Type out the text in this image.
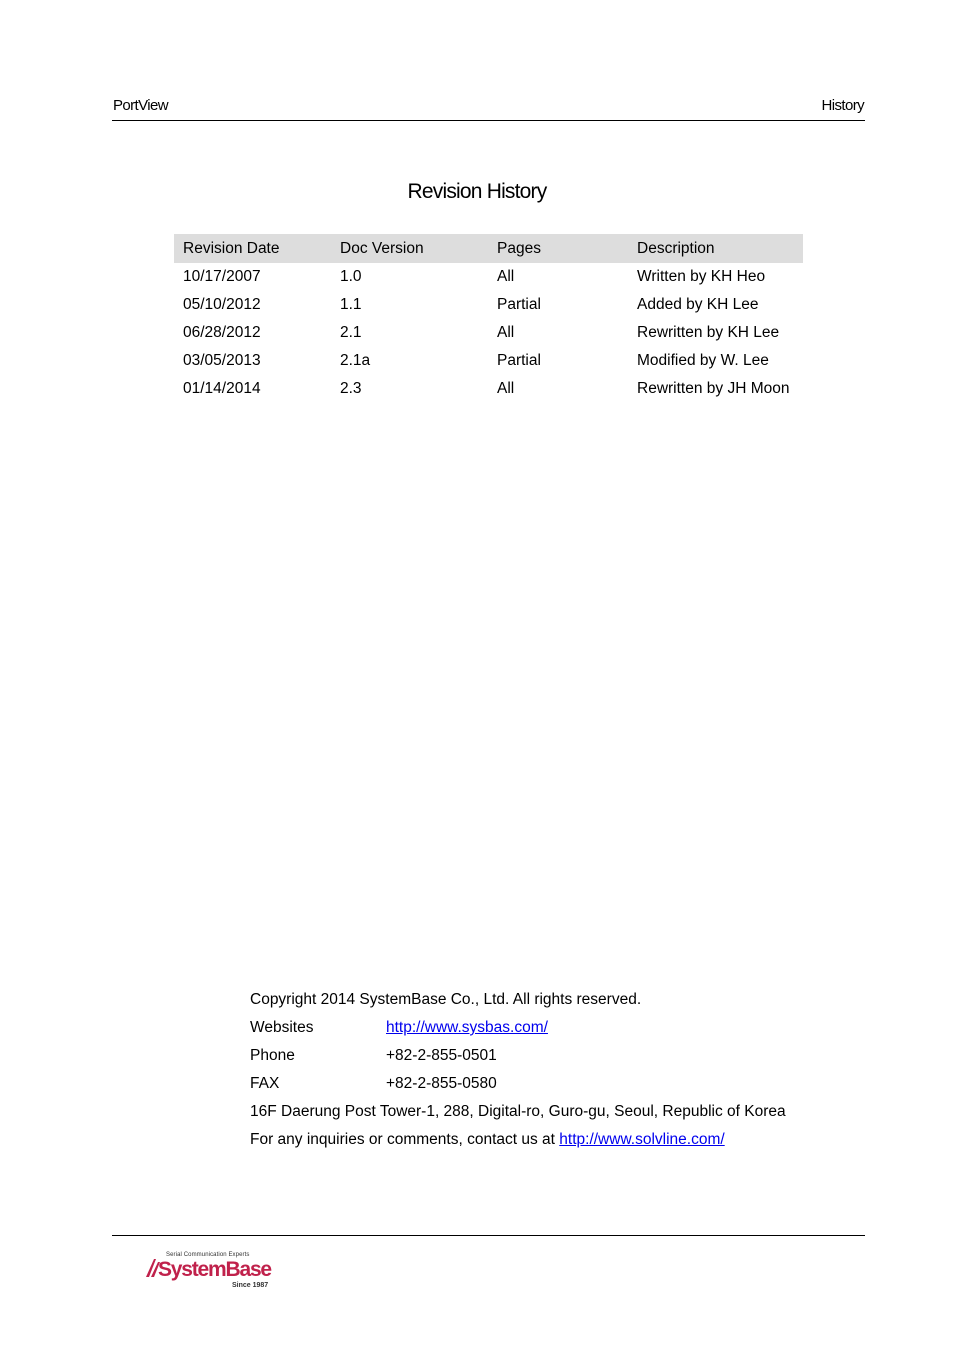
PortView	History
Revision History
Revision Date	Doc Version	Pages	Description
10/17/2007	1.0	All	Written by KH Heo
05/10/2012	1.1	Partial	Added by KH Lee
06/28/2012	2.1	All	Rewritten by KH Lee
03/05/2013	2.1a	Partial	Modified by W. Lee
01/14/2014	2.3	All	Rewritten by JH Moon
Copyright 2014 SystemBase Co., Ltd. All rights reserved.
Websites	http://www.sysbas.com/
Phone	+82-2-855-0501
FAX	+82-2-855-0580
16F Daerung Post Tower-1, 288, Digital-ro, Guro-gu, Seoul, Republic of Korea
For any inquiries or comments, contact us at http://www.solvline.com/
Serial Communication Experts
SystemBase
Since 1987
